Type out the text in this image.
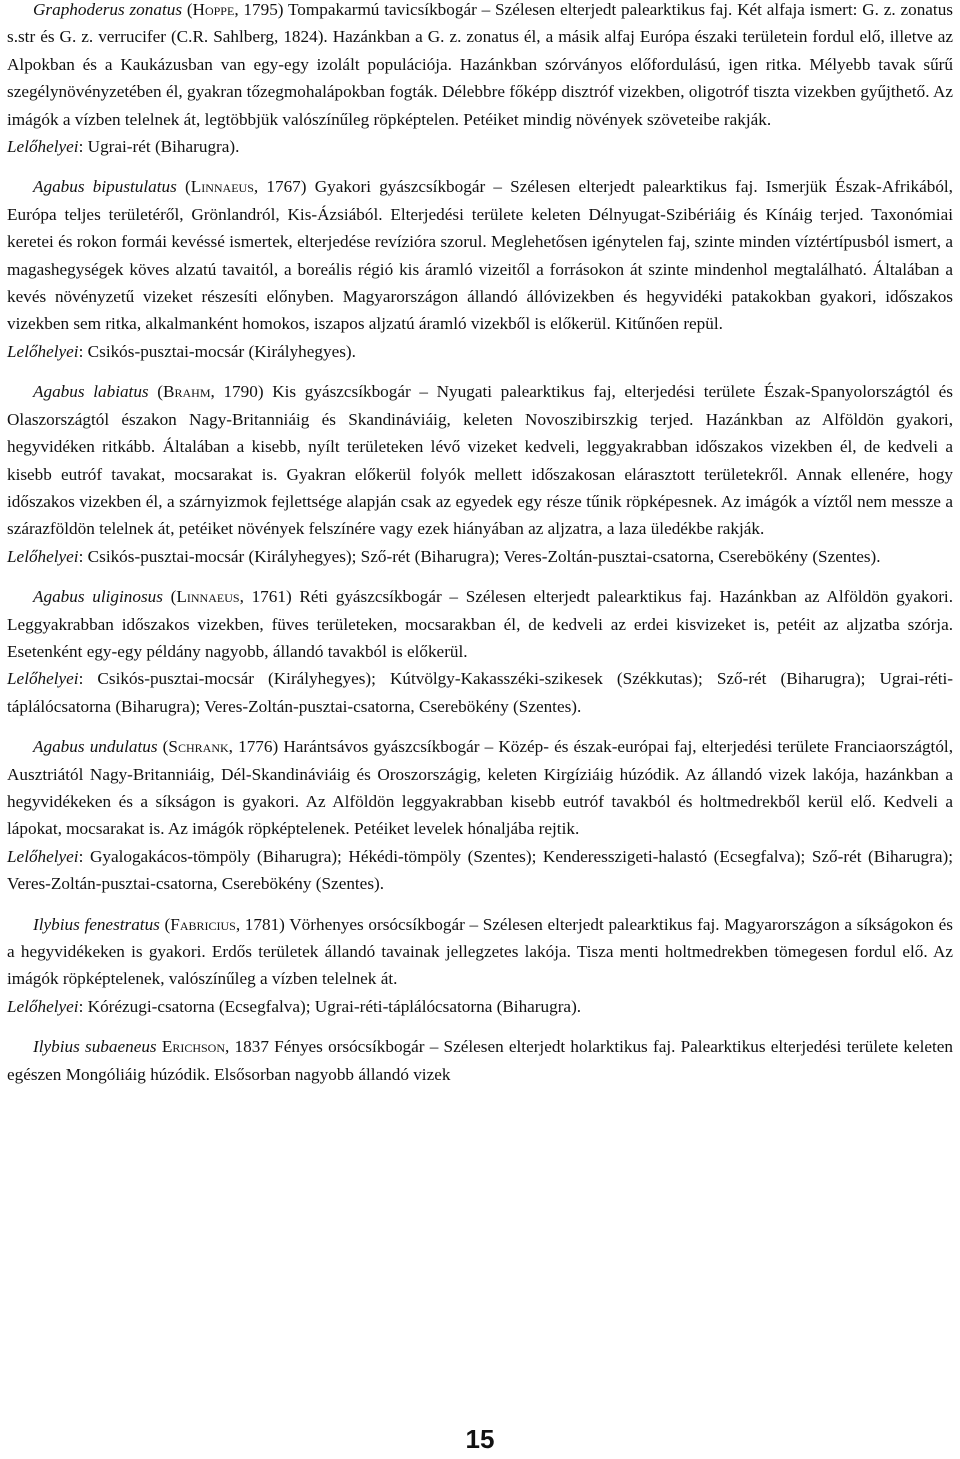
Graphoderus zonatus (Hoppe, 1795) Tompakarmú tavicsíkbogár – Szélesen elterjedt palearktikus faj. Két alfaja ismert: G. z. zonatus s.str és G. z. verrucifer (C.R. Sahlberg, 1824). Hazánkban a G. z. zonatus él, a másik alfaj Európa északi területein fordul elő, illetve az Alpokban és a Kaukázusban van egy-egy izolált populációja. Hazánkban szórványos előfordulású, igen ritka. Mélyebb tavak sűrű szegélynövényzetében él, gyakran tőzegmohalápokban fogták. Délebbre főképp disztróf vizekben, oligotróf tiszta vizekben gyűjthető. Az imágók a vízben telelnek át, legtöbbjük valószínűleg röpképtelen. Petéiket mindig növények szöveteibe rakják.

Lelőhelyei: Ugrai-rét (Biharugra).

Agabus bipustulatus (Linnaeus, 1767) Gyakori gyászcsíkbogár – Szélesen elterjedt palearktikus faj. Ismerjük Észak-Afrikából, Európa teljes területéről, Grönlandról, Kis-Ázsiából. Elterjedési területe keleten Délnyugat-Szibériáig és Kínáig terjed. Taxonómiai keretei és rokon formái kevéssé ismertek, elterjedése revízióra szorul. Meglehetősen igénytelen faj, szinte minden víztértípusból ismert, a magashegységek köves alzatú tavaitól, a boreális régió kis áramló vizeitől a forrásokon át szinte mindenhol megtalálható. Általában a kevés növényzetű vizeket részesíti előnyben. Magyarországon állandó állóvizekben és hegyvidéki patakokban gyakori, időszakos vizekben sem ritka, alkalmanként homokos, iszapos aljzatú áramló vizekből is előkerül. Kitűnően repül.

Lelőhelyei: Csikós-pusztai-mocsár (Királyhegyes).

Agabus labiatus (Brahm, 1790) Kis gyászcsíkbogár – Nyugati palearktikus faj, elterjedési területe Észak-Spanyolországtól és Olaszországtól északon Nagy-Britanniáig és Skandináviáig, keleten Novoszibirszkig terjed. Hazánkban az Alföldön gyakori, hegyvidéken ritkább. Általában a kisebb, nyílt területeken lévő vizeket kedveli, leggyakrabban időszakos vizekben él, de kedveli a kisebb eutróf tavakat, mocsarakat is. Gyakran előkerül folyók mellett időszakosan elárasztott területekről. Annak ellenére, hogy időszakos vizekben él, a szárnyizmok fejlettsége alapján csak az egyedek egy része tűnik röpképesnek. Az imágók a víztől nem messze a szárazföldön telelnek át, petéiket növények felszínére vagy ezek hiányában az aljzatra, a laza üledékbe rakják.

Lelőhelyei: Csikós-pusztai-mocsár (Királyhegyes); Sző-rét (Biharugra); Veres-Zoltán-pusztai-csatorna, Cserebökény (Szentes).

Agabus uliginosus (Linnaeus, 1761) Réti gyászcsíkbogár – Szélesen elterjedt palearktikus faj. Hazánkban az Alföldön gyakori. Leggyakrabban időszakos vizekben, füves területeken, mocsarakban él, de kedveli az erdei kisvizeket is, petéit az aljzatba szórja. Esetenként egy-egy példány nagyobb, állandó tavakból is előkerül.

Lelőhelyei: Csikós-pusztai-mocsár (Királyhegyes); Kútvölgy-Kakasszéki-szikesek (Székkutas); Sző-rét (Biharugra); Ugrai-réti-táplálócsatorna (Biharugra); Veres-Zoltán-pusztai-csatorna, Cserebökény (Szentes).

Agabus undulatus (Schrank, 1776) Harántsávos gyászcsíkbogár – Közép- és észak-európai faj, elterjedési területe Franciaországtól, Ausztriától Nagy-Britanniáig, Dél-Skandináviáig és Oroszországig, keleten Kirgíziáig húzódik. Az állandó vizek lakója, hazánkban a hegyvidékeken és a síkságon is gyakori. Az Alföldön leggyakrabban kisebb eutróf tavakból és holtmedrekből kerül elő. Kedveli a lápokat, mocsarakat is. Az imágók röpképtelenek. Petéiket levelek hónaljába rejtik.

Lelőhelyei: Gyalogakácos-tömpöly (Biharugra); Hékédi-tömpöly (Szentes); Kenderesszigeti-halastó (Ecsegfalva); Sző-rét (Biharugra); Veres-Zoltán-pusztai-csatorna, Cserebökény (Szentes).

Ilybius fenestratus (Fabricius, 1781) Vörhenyes orsócsíkbogár – Szélesen elterjedt palearktikus faj. Magyarországon a síkságokon és a hegyvidékeken is gyakori. Erdős területek állandó tavainak jellegzetes lakója. Tisza menti holtmedrekben tömegesen fordul elő. Az imágók röpképtelenek, valószínűleg a vízben telelnek át.

Lelőhelyei: Kórézugi-csatorna (Ecsegfalva); Ugrai-réti-táplálócsatorna (Biharugra).

Ilybius subaeneus Erichson, 1837 Fényes orsócsíkbogár – Szélesen elterjedt holarktikus faj. Palearktikus elterjedési területe keleten egészen Mongóliáig húzódik. Elsősorban nagyobb állandó vizek

15
